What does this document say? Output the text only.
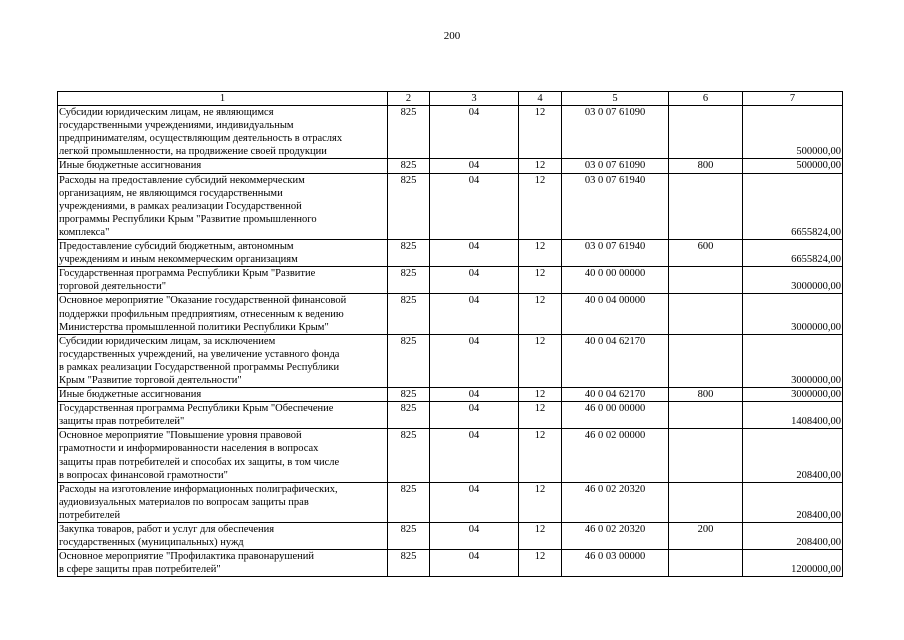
200
1	2	3	4	5	6	7

Субсидии юридическим лицам, не являющимся
государственными учреждениями, индивидуальным
предпринимателям, осуществляющим деятельность в отраслях
легкой промышленности, на продвижение своей продукции	825	04	12	03 0 07 61090		500000,00

Иные бюджетные ассигнования	825	04	12	03 0 07 61090	800	500000,00

Расходы на предоставление субсидий некоммерческим
организациям, не являющимся государственными
учреждениями, в рамках реализации Государственной
программы Республики Крым "Развитие промышленного
комплекса"	825	04	12	03 0 07 61940		6655824,00

Предоставление субсидий бюджетным, автономным
учреждениям и иным некоммерческим организациям	825	04	12	03 0 07 61940	600	6655824,00

Государственная программа Республики Крым "Развитие
торговой деятельности"	825	04	12	40 0 00 00000		3000000,00

Основное мероприятие "Оказание государственной финансовой
поддержки профильным предприятиям, отнесенным к ведению
Министерства промышленной политики Республики Крым"	825	04	12	40 0 04 00000		3000000,00

Субсидии юридическим лицам, за исключением
государственных учреждений, на увеличение уставного фонда
в рамках реализации Государственной программы Республики
Крым "Развитие торговой деятельности"	825	04	12	40 0 04 62170		3000000,00

Иные бюджетные ассигнования	825	04	12	40 0 04 62170	800	3000000,00

Государственная программа Республики Крым "Обеспечение
защиты прав потребителей"	825	04	12	46 0 00 00000		1408400,00

Основное мероприятие "Повышение уровня правовой
грамотности и информированности населения в вопросах
защиты прав потребителей и способах их защиты, в том числе
в вопросах финансовой грамотности"	825	04	12	46 0 02 00000		208400,00

Расходы на изготовление информационных полиграфических,
аудиовизуальных материалов по вопросам защиты прав
потребителей	825	04	12	46 0 02 20320		208400,00

Закупка товаров, работ и услуг для обеспечения
государственных (муниципальных) нужд	825	04	12	46 0 02 20320	200	208400,00

Основное мероприятие "Профилактика правонарушений
в сфере защиты прав потребителей"	825	04	12	46 0 03 00000		1200000,00
